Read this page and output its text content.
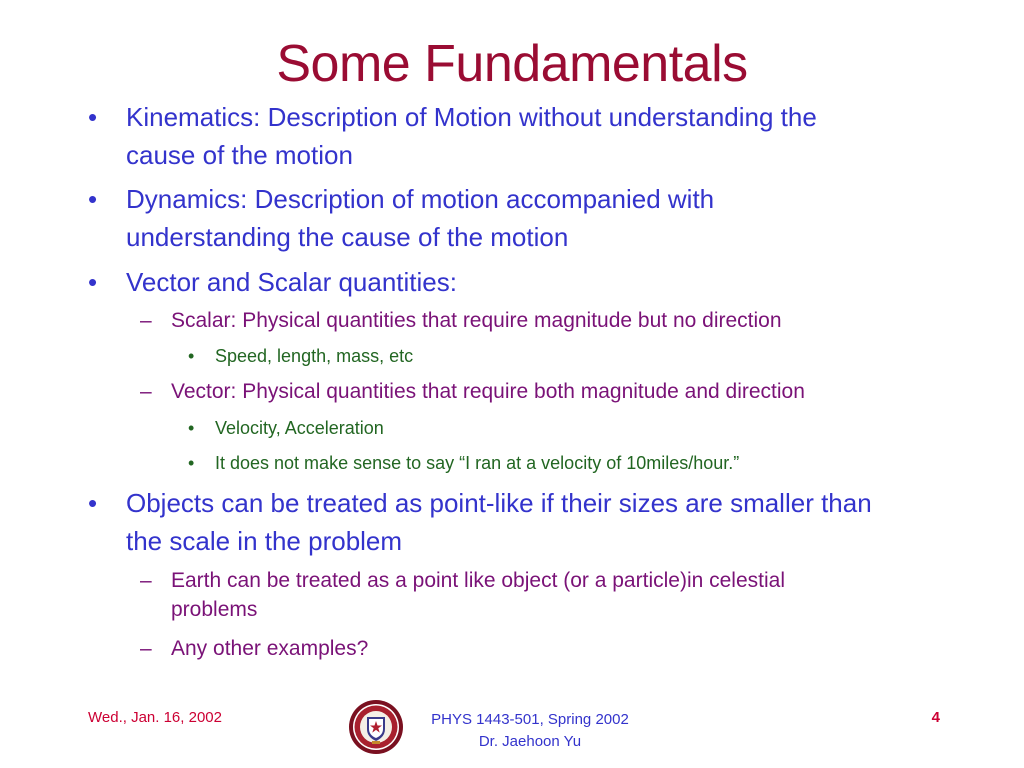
Some Fundamentals
• Kinematics: Description of Motion without understanding the
cause of the motion
• Dynamics: Description of motion accompanied with
understanding the cause of the motion
• Vector and Scalar quantities:
– Scalar: Physical quantities that require magnitude but no direction
• Speed, length, mass, etc
– Vector: Physical quantities that require both magnitude and direction
• Velocity, Acceleration
• It does not make sense to say “I ran at a velocity of 10miles/hour.”
• Objects can be treated as point-like if their sizes are smaller than
the scale in the problem
– Earth can be treated as a point like object (or a particle)in celestial
problems
– Any other examples?
Wed., Jan. 16, 2002	PHYS 1443-501, Spring 2002
Dr. Jaehoon Yu
4
